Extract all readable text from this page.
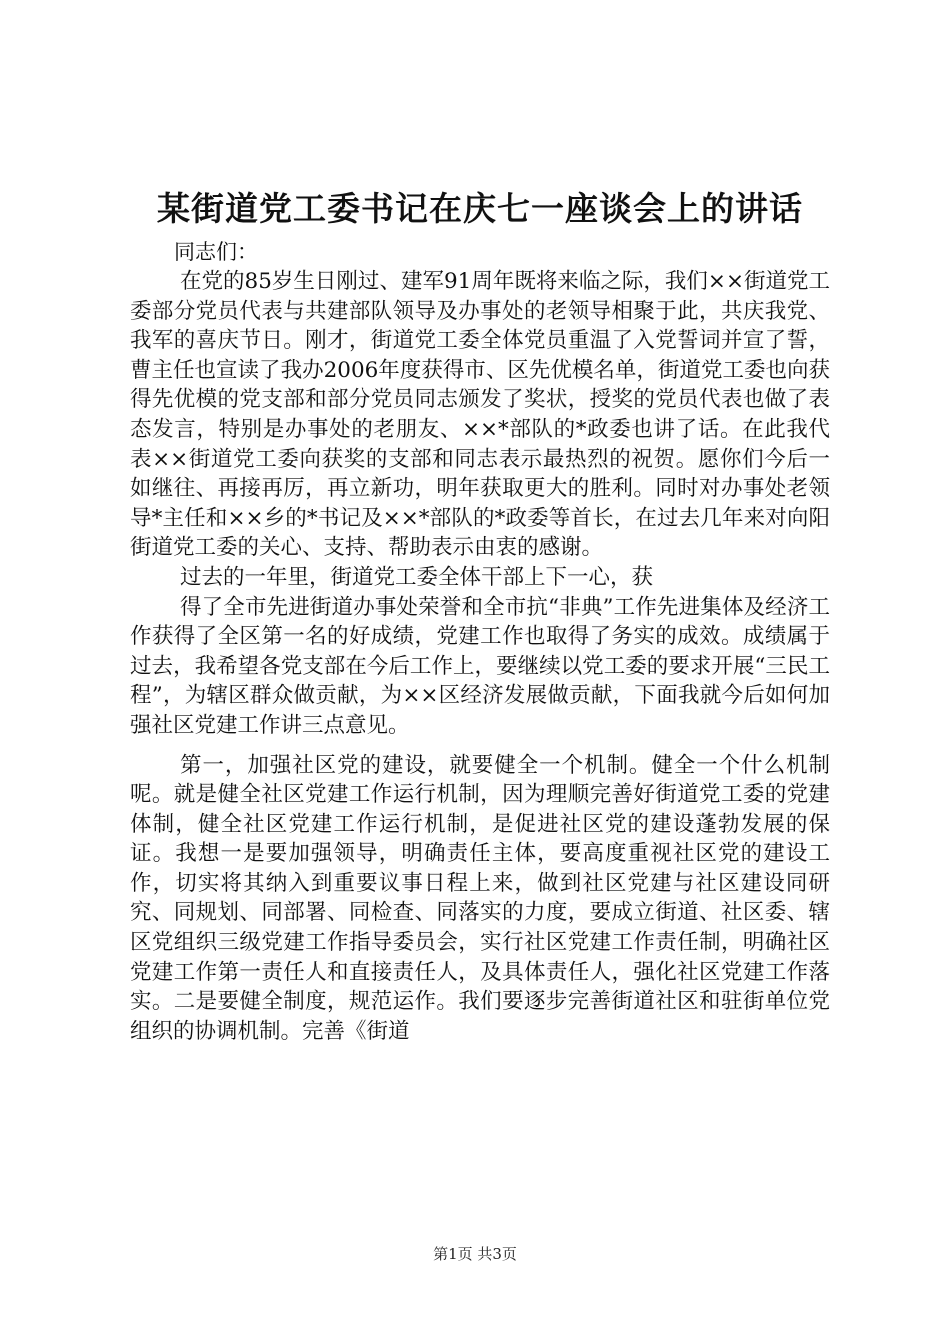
某街道党工委书记在庆七一座谈会上的讲话

同志们：

在党的85岁生日刚过、建军91周年既将来临之际，我们××街道党工委部分党员代表与共建部队领导及办事处的老领导相聚于此，共庆我党、我军的喜庆节日。刚才，街道党工委全体党员重温了入党誓词并宣了誓，曹主任也宣读了我办2006年度获得市、区先优模名单，街道党工委也向获得先优模的党支部和部分党员同志颁发了奖状，授奖的党员代表也做了表态发言，特别是办事处的老朋友、××*部队的*政委也讲了话。在此我代表××街道党工委向获奖的支部和同志表示最热烈的祝贺。愿你们今后一如继往、再接再厉，再立新功，明年获取更大的胜利。同时对办事处老领导*主任和××乡的*书记及××*部队的*政委等首长，在过去几年来对向阳街道党工委的关心、支持、帮助表示由衷的感谢。

过去的一年里，街道党工委全体干部上下一心，获

得了全市先进街道办事处荣誉和全市抗“非典”工作先进集体及经济工作获得了全区第一名的好成绩，党建工作也取得了务实的成效。成绩属于过去，我希望各党支部在今后工作上，要继续以党工委的要求开展“三民工程”，为辖区群众做贡献，为××区经济发展做贡献，下面我就今后如何加强社区党建工作讲三点意见。

第一，加强社区党的建设，就要健全一个机制。健全一个什么机制呢。就是健全社区党建工作运行机制，因为理顺完善好街道党工委的党建体制，健全社区党建工作运行机制，是促进社区党的建设蓬勃发展的保证。我想一是要加强领导，明确责任主体，要高度重视社区党的建设工作，切实将其纳入到重要议事日程上来，做到社区党建与社区建设同研究、同规划、同部署、同检查、同落实的力度，要成立街道、社区委、辖区党组织三级党建工作指导委员会，实行社区党建工作责任制，明确社区党建工作第一责任人和直接责任人，及具体责任人，强化社区党建工作落实。二是要健全制度，规范运作。我们要逐步完善街道社区和驻街单位党组织的协调机制。完善《街道

第1页 共3页
